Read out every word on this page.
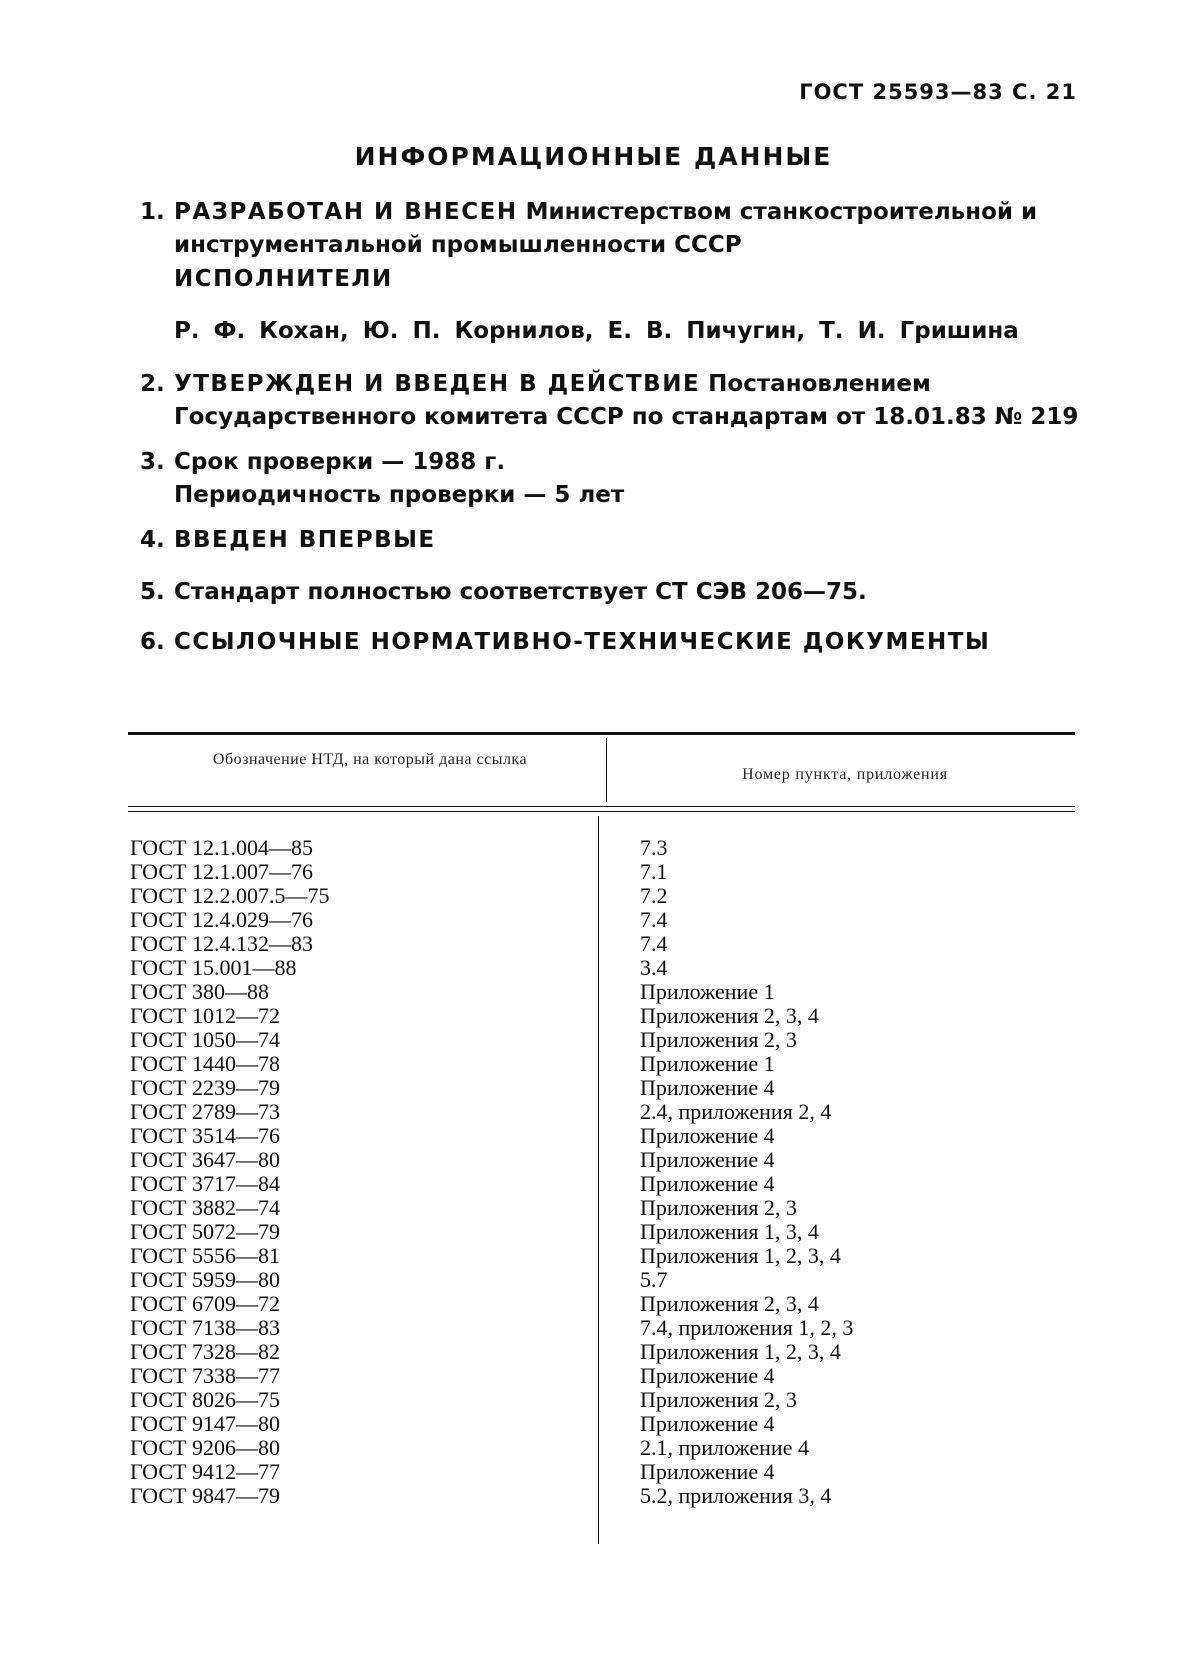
ГОСТ 25593—83 С. 21
ИНФОРМАЦИОННЫЕ ДАННЫЕ
1. РАЗРАБОТАН И ВНЕСЕН Министерством станкостроительной и инструментальной промышленности СССР
ИСПОЛНИТЕЛИ
Р. Ф. Кохан, Ю. П. Корнилов, Е. В. Пичугин, Т. И. Гришина
2. УТВЕРЖДЕН И ВВЕДЕН В ДЕЙСТВИЕ Постановлением Государственного комитета СССР по стандартам от 18.01.83 № 219
3. Срок проверки — 1988 г.
Периодичность проверки — 5 лет
4. ВВЕДЕН ВПЕРВЫЕ
5. Стандарт полностью соответствует СТ СЭВ 206—75.
6. ССЫЛОЧНЫЕ НОРМАТИВНО-ТЕХНИЧЕСКИЕ ДОКУМЕНТЫ
Обозначение НТД, на который дана ссылка
Номер пункта, приложения
ГОСТ 12.1.004—85	7.3
ГОСТ 12.1.007—76	7.1
ГОСТ 12.2.007.5—75	7.2
ГОСТ 12.4.029—76	7.4
ГОСТ 12.4.132—83	7.4
ГОСТ 15.001—88	3.4
ГОСТ 380—88	Приложение 1
ГОСТ 1012—72	Приложения 2, 3, 4
ГОСТ 1050—74	Приложения 2, 3
ГОСТ 1440—78	Приложение 1
ГОСТ 2239—79	Приложение 4
ГОСТ 2789—73	2.4, приложения 2, 4
ГОСТ 3514—76	Приложение 4
ГОСТ 3647—80	Приложение 4
ГОСТ 3717—84	Приложение 4
ГОСТ 3882—74	Приложения 2, 3
ГОСТ 5072—79	Приложения 1, 3, 4
ГОСТ 5556—81	Приложения 1, 2, 3, 4
ГОСТ 5959—80	5.7
ГОСТ 6709—72	Приложения 2, 3, 4
ГОСТ 7138—83	7.4, приложения 1, 2, 3
ГОСТ 7328—82	Приложения 1, 2, 3, 4
ГОСТ 7338—77	Приложение 4
ГОСТ 8026—75	Приложения 2, 3
ГОСТ 9147—80	Приложение 4
ГОСТ 9206—80	2.1, приложение 4
ГОСТ 9412—77	Приложение 4
ГОСТ 9847—79	5.2, приложения 3, 4
